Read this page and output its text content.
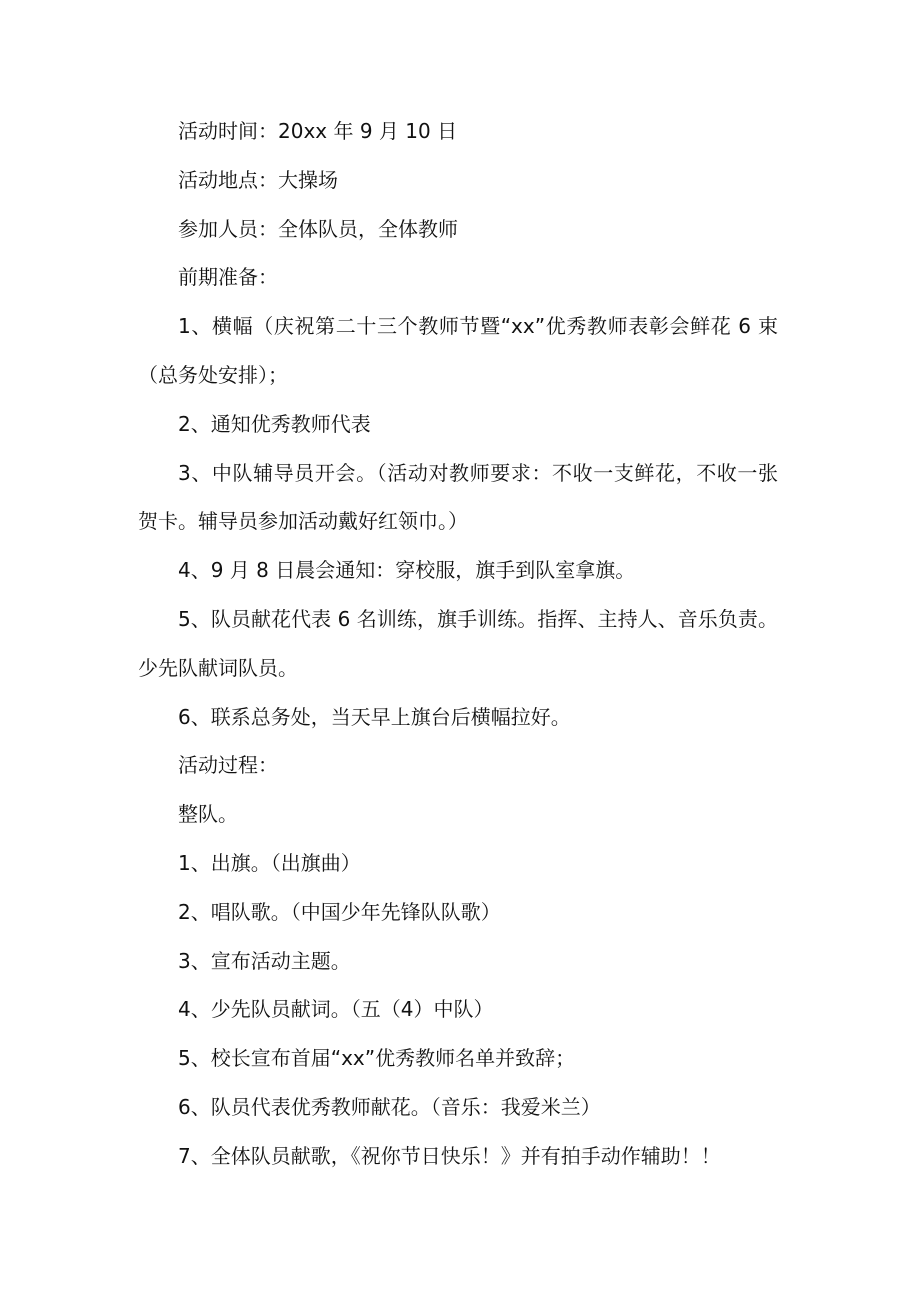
活动时间：20xx 年 9 月 10 日

活动地点：大操场

参加人员：全体队员，全体教师

前期准备：

1、横幅（庆祝第二十三个教师节暨“xx”优秀教师表彰会鲜花 6 束（总务处安排）；

2、通知优秀教师代表

3、中队辅导员开会。（活动对教师要求：不收一支鲜花，不收一张贺卡。辅导员参加活动戴好红领巾。）

4、9 月 8 日晨会通知：穿校服，旗手到队室拿旗。

5、队员献花代表 6 名训练，旗手训练。指挥、主持人、音乐负责。少先队献词队员。

6、联系总务处，当天早上旗台后横幅拉好。

活动过程：

整队。

1、出旗。（出旗曲）

2、唱队歌。（中国少年先锋队队歌）

3、宣布活动主题。

4、少先队员献词。（五（4）中队）

5、校长宣布首届“xx”优秀教师名单并致辞；

6、队员代表优秀教师献花。（音乐：我爱米兰）

7、全体队员献歌，《祝你节日快乐！》并有拍手动作辅助！！
